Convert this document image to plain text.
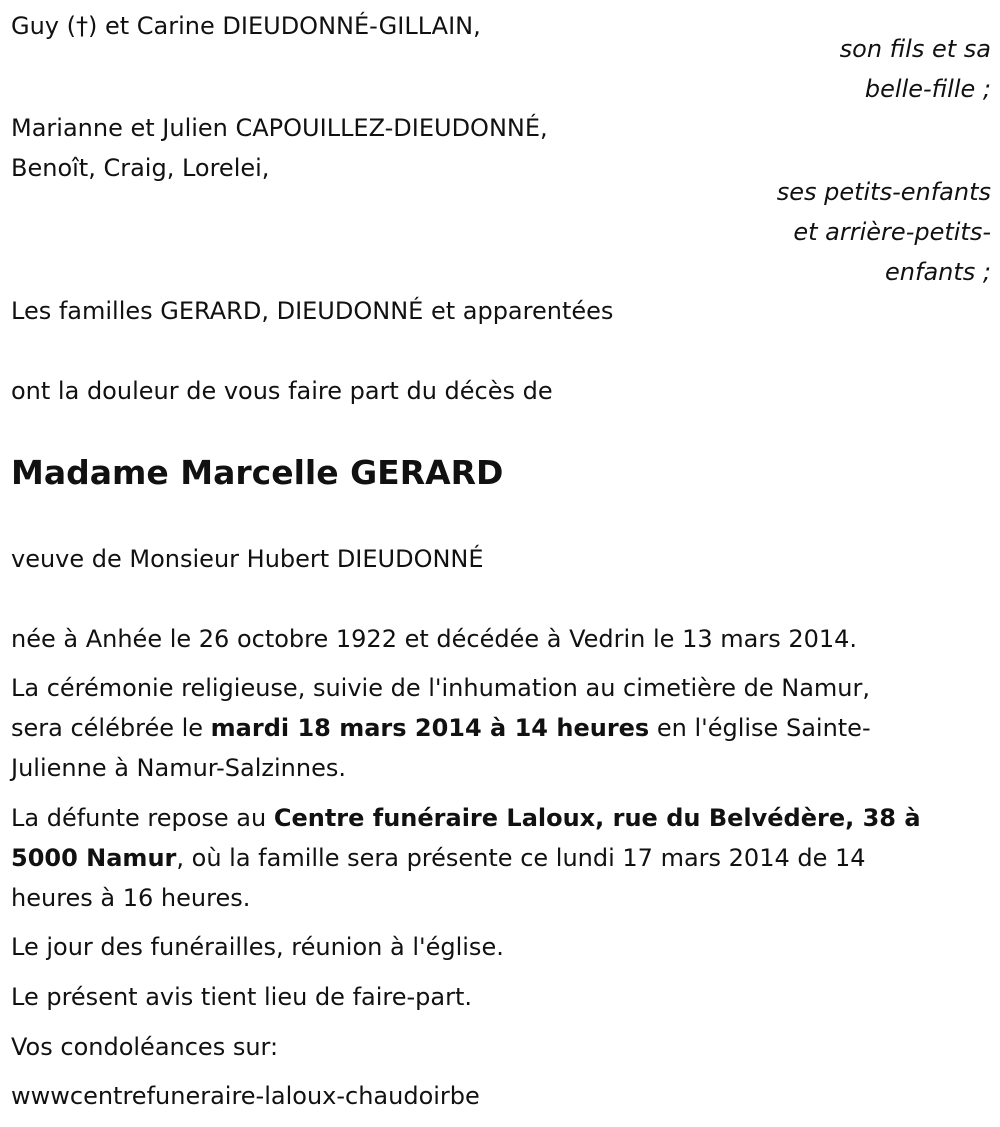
Guy (†) et Carine DIEUDONNÉ-GILLAIN,
son fils et sa
belle-fille ;
Marianne et Julien CAPOUILLEZ-DIEUDONNÉ,
Benoît, Craig, Lorelei,
ses petits-enfants
et arrière-petits-
enfants ;
Les familles GERARD, DIEUDONNÉ et apparentées
ont la douleur de vous faire part du décès de
Madame Marcelle GERARD
veuve de Monsieur Hubert DIEUDONNÉ
née à Anhée le 26 octobre 1922 et décédée à Vedrin le 13 mars 2014.
La cérémonie religieuse, suivie de l'inhumation au cimetière de Namur,
sera célébrée le mardi 18 mars 2014 à 14 heures en l'église Sainte-
Julienne à Namur-Salzinnes.
La défunte repose au Centre funéraire Laloux, rue du Belvédère, 38 à
5000 Namur, où la famille sera présente ce lundi 17 mars 2014 de 14
heures à 16 heures.
Le jour des funérailles, réunion à l'église.
Le présent avis tient lieu de faire-part.
Vos condoléances sur:
wwwcentrefuneraire-laloux-chaudoirbe
